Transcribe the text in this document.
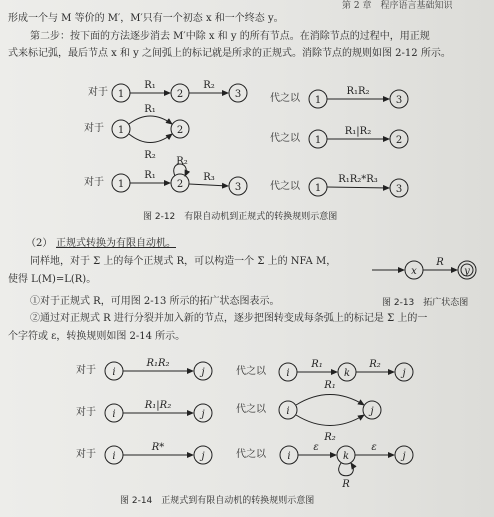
第 2 章　程序语言基础知识
形成一个与 M 等价的 M′，M′只有一个初态 x 和一个终态 y。
第二步：按下面的方法逐步消去 M′中除 x 和 y 的所有节点。在消除节点的过程中，用正规
式来标记弧，最后节点 x 和 y 之间弧上的标记就是所求的正规式。消除节点的规则如图 2-12 所示。
1	2	3
R₁	R₂
1	3
R₁R₂
1	2
R₁
R₂
1	2
R₁|R₂
1	2	3
R₁
R₂
R₃
1	3
R₁R₂*R₃
x
R
y
i	j
R₁R₂
i	k	j
R₁	R₂
i	j
R₁|R₂
i	j
R₁
R₂
i	j
R*
i	k	j
ε
R
ε
对于
代之以
对于
代之以
对于	代之以
图 2-12　有限自动机到正规式的转换规则示意图
（2） 正规式转换为有限自动机。
同样地，对于 Σ 上的每个正规式 R，可以构造一个 Σ 上的 NFA M，
使得 L(M)=L(R)。
①对于正规式 R，可用图 2-13 所示的拓广状态图表示。	图 2-13　拓广状态图
②通过对正规式 R 进行分裂并加入新的节点，逐步把图转变成每条弧上的标记是 Σ 上的一
个字符或 ε，转换规则如图 2-14 所示。
对于	代之以
对于	代之以
对于	代之以
图 2-14　正规式到有限自动机的转换规则示意图
